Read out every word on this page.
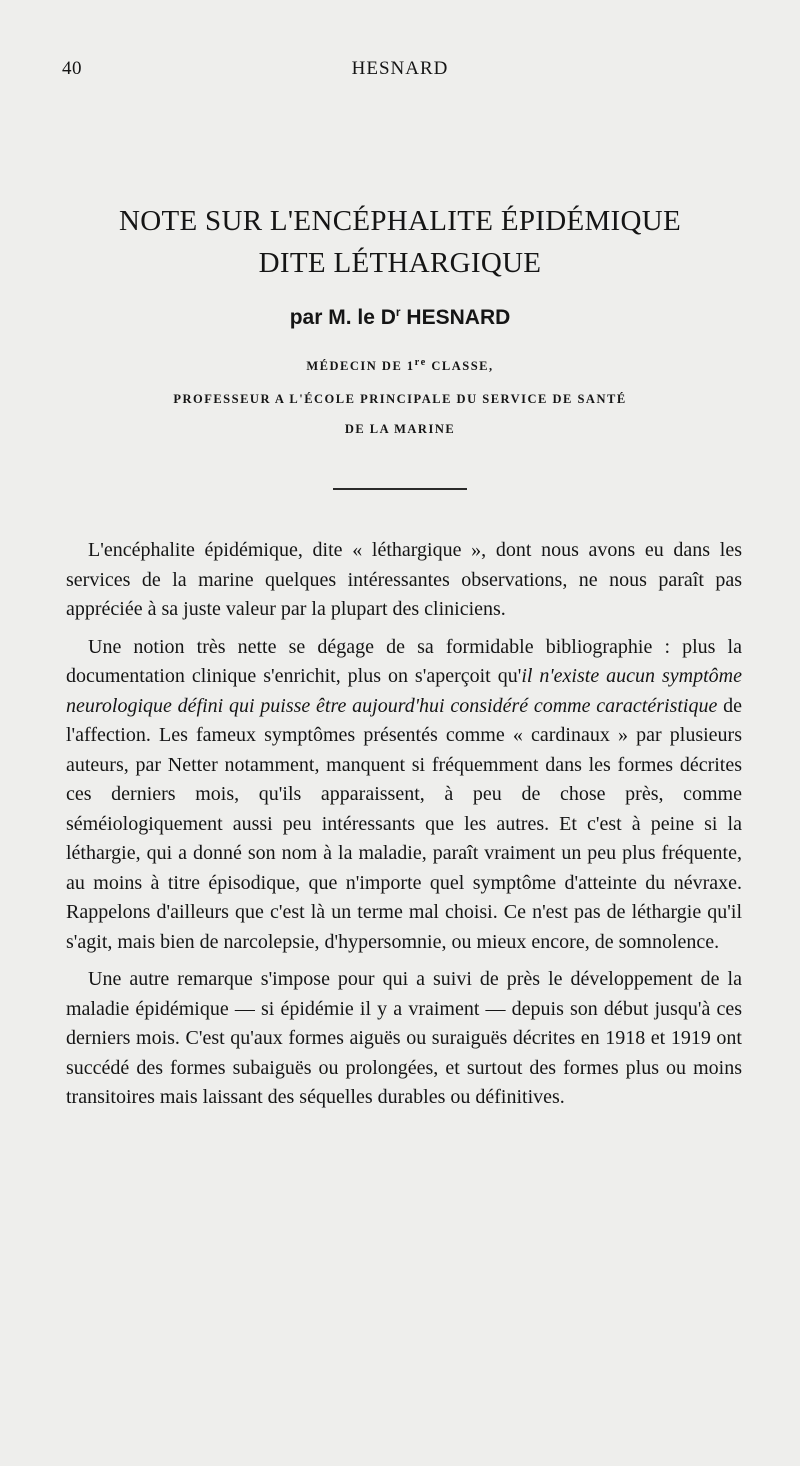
40	HESNARD
NOTE SUR L'ENCÉPHALITE ÉPIDÉMIQUE
DITE LÉTHARGIQUE
par M. le $D^r$ HESNARD
MÉDECIN DE 1re CLASSE,
PROFESSEUR A L'ÉCOLE PRINCIPALE DU SERVICE DE SANTÉ
DE LA MARINE

L'encéphalite épidémique, dite « léthargique », dont nous avons eu dans les services de la marine quelques intéressantes observations, ne nous paraît pas appréciée à sa juste valeur par la plupart des cliniciens.

Une notion très nette se dégage de sa formidable bibliographie : plus la documentation clinique s'enrichit, plus on s'aperçoit qu'il n'existe aucun symptôme neurologique défini qui puisse être aujourd'hui considéré comme caractéristique de l'affection. Les fameux symptômes présentés comme « cardinaux » par plusieurs auteurs, par Netter notamment, manquent si fréquemment dans les formes décrites ces derniers mois, qu'ils apparaissent, à peu de chose près, comme séméiologiquement aussi peu intéressants que les autres. Et c'est à peine si la léthargie, qui a donné son nom à la maladie, paraît vraiment un peu plus fréquente, au moins à titre épisodique, que n'importe quel symptôme d'atteinte du névraxe. Rappelons d'ailleurs que c'est là un terme mal choisi. Ce n'est pas de léthargie qu'il s'agit, mais bien de narcolepsie, d'hypersomnie, ou mieux encore, de somnolence.

Une autre remarque s'impose pour qui a suivi de près le développement de la maladie épidémique — si épidémie il y a vraiment — depuis son début jusqu'à ces derniers mois. C'est qu'aux formes aiguës ou suraiguës décrites en 1918 et 1919 ont succédé des formes subaiguës ou prolongées, et surtout des formes plus ou moins transitoires mais laissant des séquelles durables ou définitives.
